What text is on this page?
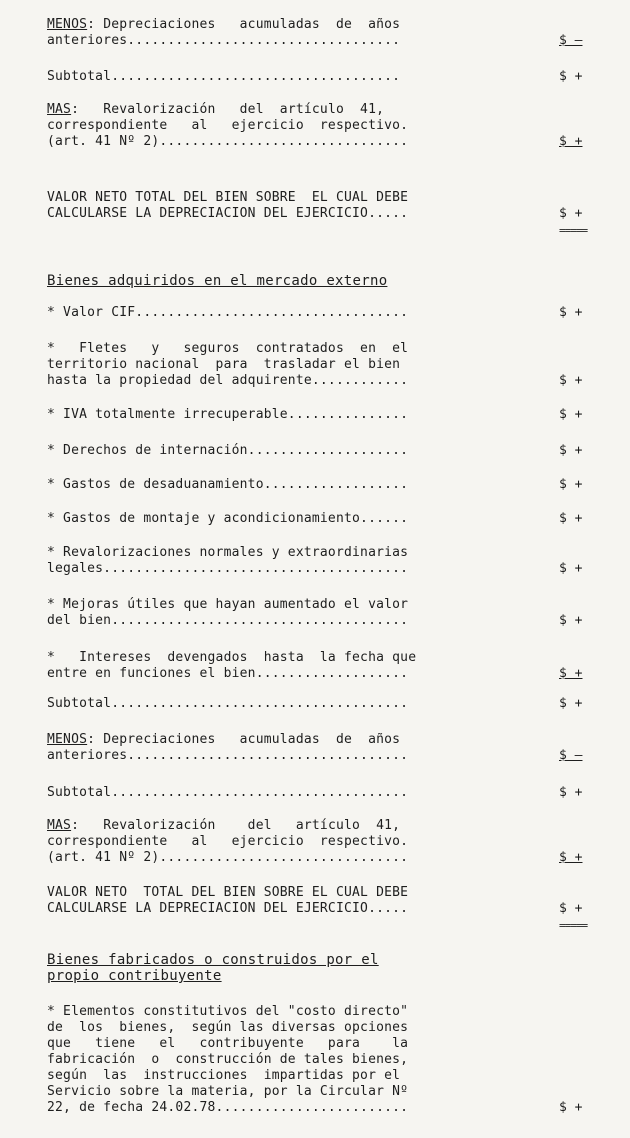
MENOS: Depreciaciones   acumuladas  de  años
anteriores..................................	$ –
Subtotal....................................	$ +
MAS:   Revalorización   del  artículo  41,
correspondiente   al   ejercicio  respectivo.
(art. 41 Nº 2)...............................	$ +
VALOR NETO TOTAL DEL BIEN SOBRE  EL CUAL DEBE
CALCULARSE LA DEPRECIACION DEL EJERCICIO.....	$ +
=====
Bienes adquiridos en el mercado externo
* Valor CIF..................................	$ +
*   Fletes   y   seguros  contratados  en  el
territorio nacional  para  trasladar el bien
hasta la propiedad del adquirente............	$ +
* IVA totalmente irrecuperable...............	$ +
* Derechos de internación....................	$ +
* Gastos de desaduanamiento..................	$ +
* Gastos de montaje y acondicionamiento......	$ +
* Revalorizaciones normales y extraordinarias
legales......................................	$ +
* Mejoras útiles que hayan aumentado el valor
del bien.....................................	$ +
*   Intereses  devengados  hasta  la fecha que
entre en funciones el bien...................	$ +
Subtotal.....................................	$ +
MENOS: Depreciaciones   acumuladas  de  años
anteriores...................................	$ –
Subtotal.....................................	$ +
MAS:   Revalorización    del   artículo  41,
correspondiente   al   ejercicio  respectivo.
(art. 41 Nº 2)...............................	$ +
VALOR NETO  TOTAL DEL BIEN SOBRE EL CUAL DEBE
CALCULARSE LA DEPRECIACION DEL EJERCICIO.....	$ +
=====
Bienes fabricados o construidos por el
propio contribuyente
* Elementos constitutivos del "costo directo"
de  los  bienes,  según las diversas opciones
que   tiene   el   contribuyente   para    la
fabricación  o  construcción de tales bienes,
según  las  instrucciones  impartidas por el
Servicio sobre la materia, por la Circular Nº
22, de fecha 24.02.78........................	$ +
